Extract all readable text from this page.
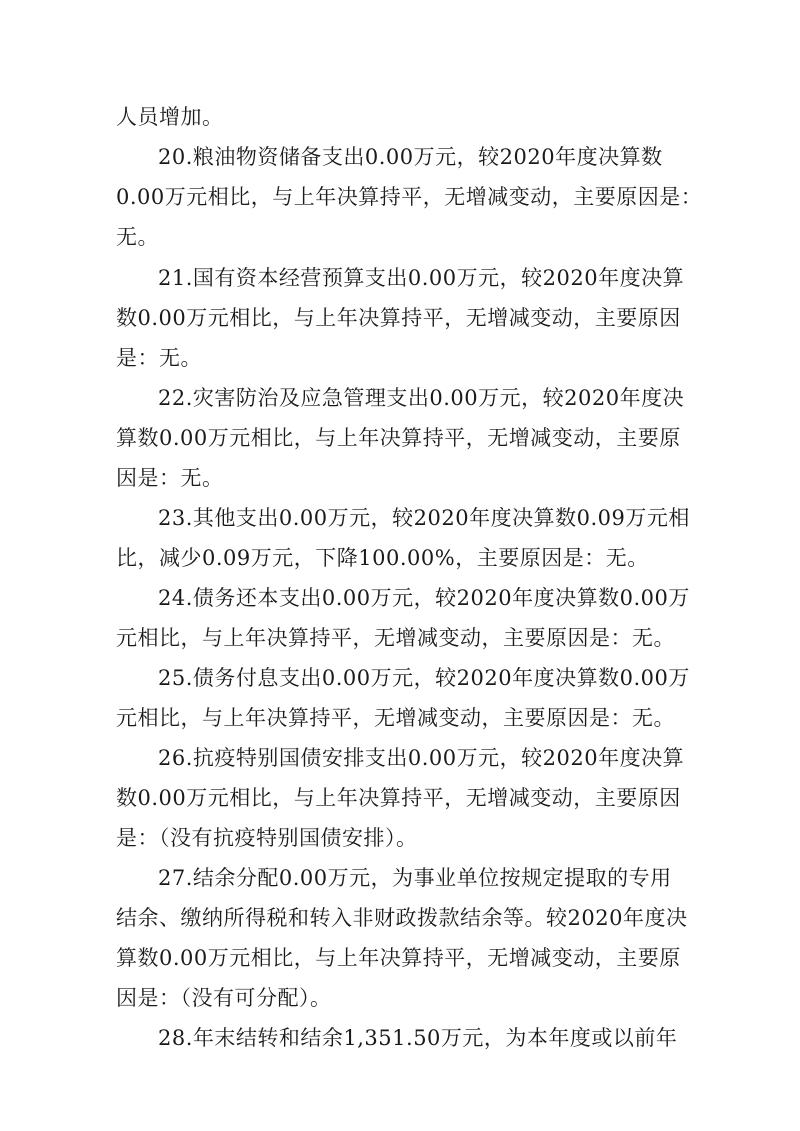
人员增加。
20.粮油物资储备支出0.00万元，较2020年度决算数
0.00万元相比，与上年决算持平，无增减变动，主要原因是：
无。
21.国有资本经营预算支出0.00万元，较2020年度决算
数0.00万元相比，与上年决算持平，无增减变动，主要原因
是：无。
22.灾害防治及应急管理支出0.00万元，较2020年度决
算数0.00万元相比，与上年决算持平，无增减变动，主要原
因是：无。
23.其他支出0.00万元，较2020年度决算数0.09万元相
比，减少0.09万元，下降100.00%，主要原因是：无。
24.债务还本支出0.00万元，较2020年度决算数0.00万
元相比，与上年决算持平，无增减变动，主要原因是：无。
25.债务付息支出0.00万元，较2020年度决算数0.00万
元相比，与上年决算持平，无增减变动，主要原因是：无。
26.抗疫特别国债安排支出0.00万元，较2020年度决算
数0.00万元相比，与上年决算持平，无增减变动，主要原因
是：（没有抗疫特别国债安排）。
27.结余分配0.00万元，为事业单位按规定提取的专用
结余、缴纳所得税和转入非财政拨款结余等。较2020年度决
算数0.00万元相比，与上年决算持平，无增减变动，主要原
因是：（没有可分配）。
28.年末结转和结余1,351.50万元，为本年度或以前年
